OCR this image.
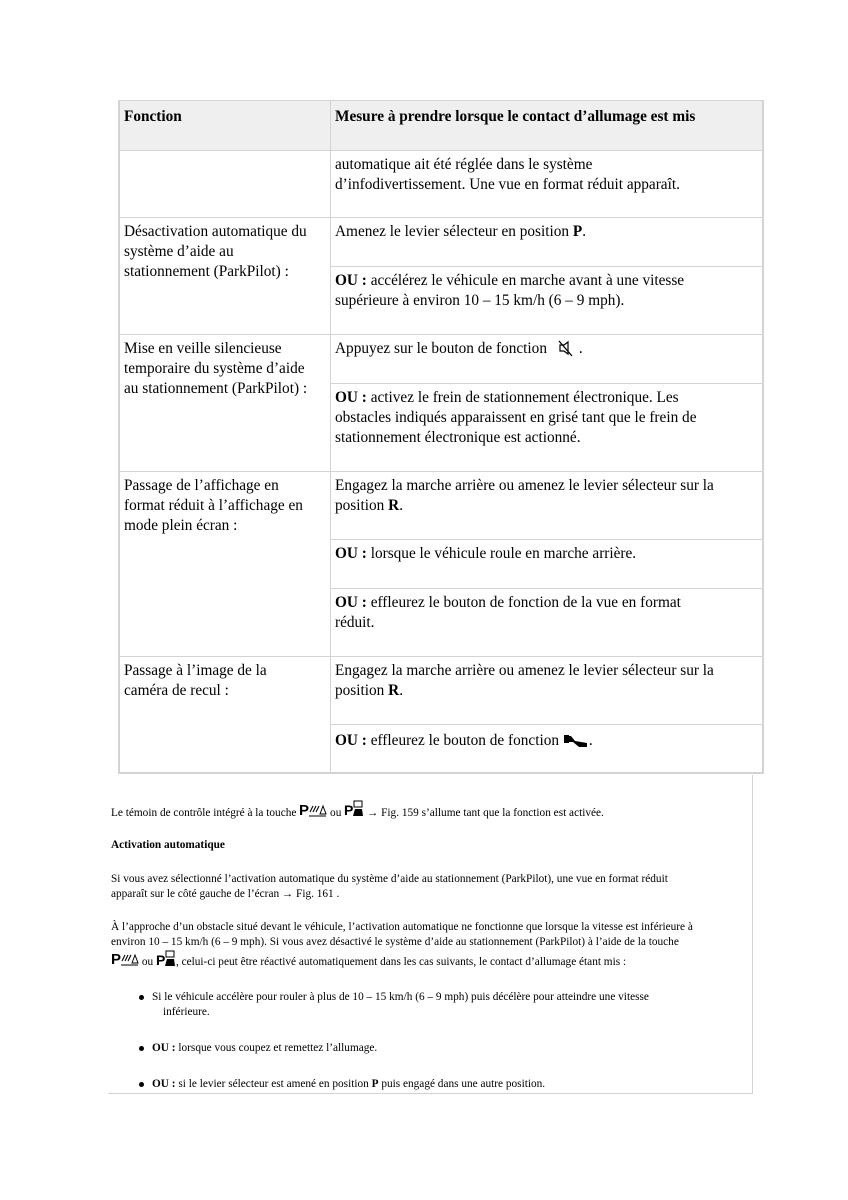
Fonction	Mesure à prendre lorsque le contact d’allumage est mis

	automatique ait été réglée dans le système
d’infodivertissement. Une vue en format réduit apparaît.

Désactivation automatique du
système d’aide au
stationnement (ParkPilot) :	Amenez le levier sélecteur en position P.

	OU : accélérez le véhicule en marche avant à une vitesse
supérieure à environ 10 – 15 km/h (6 – 9 mph).

Mise en veille silencieuse
temporaire du système d’aide
au stationnement (ParkPilot) :	Appuyez sur le bouton de fonction .

	OU : activez le frein de stationnement électronique. Les
obstacles indiqués apparaissent en grisé tant que le frein de
stationnement électronique est actionné.

Passage de l’affichage en
format réduit à l’affichage en
mode plein écran :	Engagez la marche arrière ou amenez le levier sélecteur sur la
position R.

	OU : lorsque le véhicule roule en marche arrière.

	OU : effleurez le bouton de fonction de la vue en format
réduit.

Passage à l’image de la
caméra de recul :	Engagez la marche arrière ou amenez le levier sélecteur sur la
position R.

	OU : effleurez le bouton de fonction .
Le témoin de contrôle intégré à la touche P ou P → Fig. 159 s’allume tant que la fonction est activée.
Activation automatique
Si vous avez sélectionné l’activation automatique du système d’aide au stationnement (ParkPilot), une vue en format réduit
apparaît sur le côté gauche de l’écran → Fig. 161 .
À l’approche d’un obstacle situé devant le véhicule, l’activation automatique ne fonctionne que lorsque la vitesse est inférieure à
environ 10 – 15 km/h (6 – 9 mph). Si vous avez désactivé le système d’aide au stationnement (ParkPilot) à l’aide de la touche

P ou P , celui-ci peut être réactivé automatiquement dans les cas suivants, le contact d’allumage étant mis :
Si le véhicule accélère pour rouler à plus de 10 – 15 km/h (6 – 9 mph) puis décélère pour atteindre une vitesse
inférieure.
OU : lorsque vous coupez et remettez l’allumage.
OU : si le levier sélecteur est amené en position P puis engagé dans une autre position.
